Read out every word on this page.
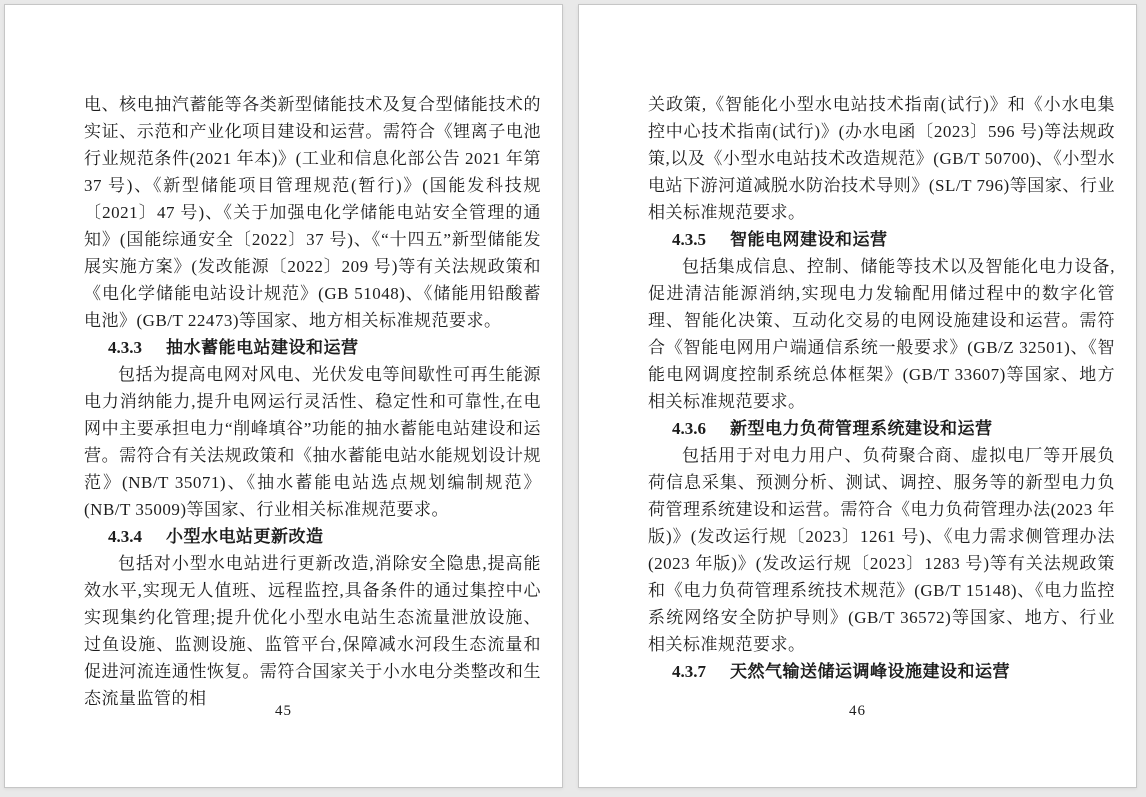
电、核电抽汽蓄能等各类新型储能技术及复合型储能技术的实证、示范和产业化项目建设和运营。需符合《锂离子电池行业规范条件(2021 年本)》(工业和信息化部公告 2021 年第 37 号)、《新型储能项目管理规范(暂行)》(国能发科技规〔2021〕47 号)、《关于加强电化学储能电站安全管理的通知》(国能综通安全〔2022〕37 号)、《“十四五”新型储能发展实施方案》(发改能源〔2022〕209 号)等有关法规政策和《电化学储能电站设计规范》(GB 51048)、《储能用铅酸蓄电池》(GB/T 22473)等国家、地方相关标准规范要求。

4.3.3 抽水蓄能电站建设和运营

包括为提高电网对风电、光伏发电等间歇性可再生能源电力消纳能力,提升电网运行灵活性、稳定性和可靠性,在电网中主要承担电力“削峰填谷”功能的抽水蓄能电站建设和运营。需符合有关法规政策和《抽水蓄能电站水能规划设计规范》(NB/T 35071)、《抽水蓄能电站选点规划编制规范》(NB/T 35009)等国家、行业相关标准规范要求。

4.3.4 小型水电站更新改造

包括对小型水电站进行更新改造,消除安全隐患,提高能效水平,实现无人值班、远程监控,具备条件的通过集控中心实现集约化管理;提升优化小型水电站生态流量泄放设施、过鱼设施、监测设施、监管平台,保障减水河段生态流量和促进河流连通性恢复。需符合国家关于小水电分类整改和生态流量监管的相

45

关政策,《智能化小型水电站技术指南(试行)》和《小水电集控中心技术指南(试行)》(办水电函〔2023〕596 号)等法规政策,以及《小型水电站技术改造规范》(GB/T 50700)、《小型水电站下游河道减脱水防治技术导则》(SL/T 796)等国家、行业相关标准规范要求。

4.3.5 智能电网建设和运营

包括集成信息、控制、储能等技术以及智能化电力设备,促进清洁能源消纳,实现电力发输配用储过程中的数字化管理、智能化决策、互动化交易的电网设施建设和运营。需符合《智能电网用户端通信系统一般要求》(GB/Z 32501)、《智能电网调度控制系统总体框架》(GB/T 33607)等国家、地方相关标准规范要求。

4.3.6 新型电力负荷管理系统建设和运营

包括用于对电力用户、负荷聚合商、虚拟电厂等开展负荷信息采集、预测分析、测试、调控、服务等的新型电力负荷管理系统建设和运营。需符合《电力负荷管理办法(2023 年版)》(发改运行规〔2023〕1261 号)、《电力需求侧管理办法(2023 年版)》(发改运行规〔2023〕1283 号)等有关法规政策和《电力负荷管理系统技术规范》(GB/T 15148)、《电力监控系统网络安全防护导则》(GB/T 36572)等国家、地方、行业相关标准规范要求。

4.3.7 天然气输送储运调峰设施建设和运营

46
